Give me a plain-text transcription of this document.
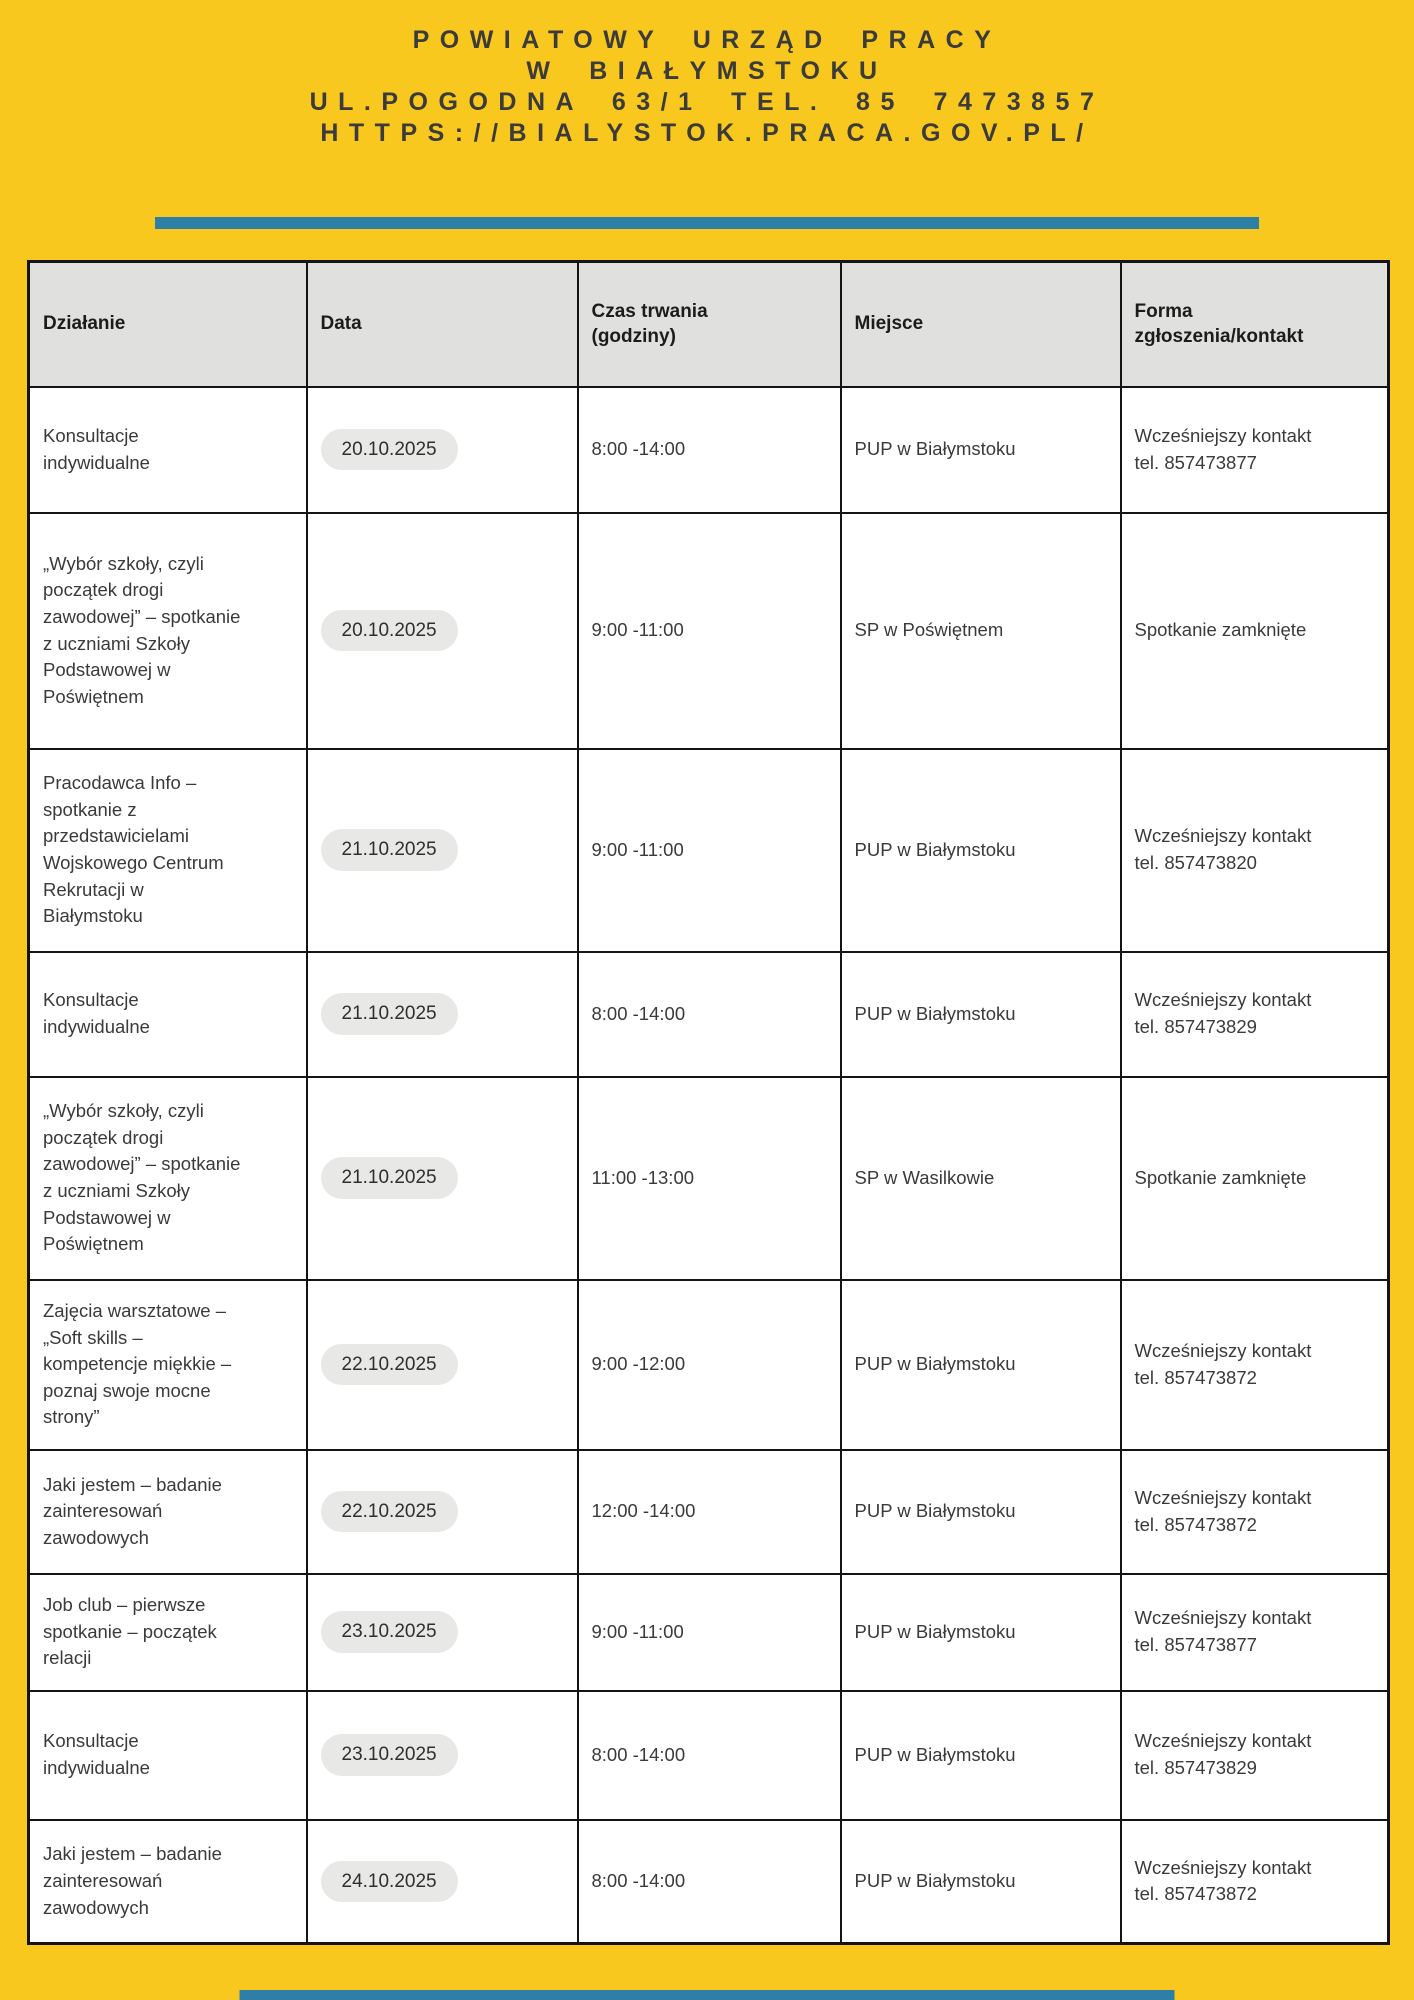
POWIATOWY URZĄD PRACY
W BIAŁYMSTOKU
UL.POGODNA 63/1 TEL. 85 7473857
HTTPS://BIALYSTOK.PRACA.GOV.PL/
Działanie	Data	Czas trwania (godziny)	Miejsce	Forma zgłoszenia/kontakt
Konsultacje indywidualne	20.10.2025	8:00 -14:00	PUP w Białymstoku	Wcześniejszy kontakt tel. 857473877
„Wybór szkoły, czyli początek drogi zawodowej” – spotkanie z uczniami Szkoły Podstawowej w Poświętnem	20.10.2025	9:00 -11:00	SP w Poświętnem	Spotkanie zamknięte
Pracodawca Info – spotkanie z przedstawicielami Wojskowego Centrum Rekrutacji w Białymstoku	21.10.2025	9:00 -11:00	PUP w Białymstoku	Wcześniejszy kontakt tel. 857473820
Konsultacje indywidualne	21.10.2025	8:00 -14:00	PUP w Białymstoku	Wcześniejszy kontakt tel. 857473829
„Wybór szkoły, czyli początek drogi zawodowej” – spotkanie z uczniami Szkoły Podstawowej w Poświętnem	21.10.2025	11:00 -13:00	SP w Wasilkowie	Spotkanie zamknięte
Zajęcia warsztatowe – „Soft skills – kompetencje miękkie – poznaj swoje mocne strony”	22.10.2025	9:00 -12:00	PUP w Białymstoku	Wcześniejszy kontakt tel. 857473872
Jaki jestem – badanie zainteresowań zawodowych	22.10.2025	12:00 -14:00	PUP w Białymstoku	Wcześniejszy kontakt tel. 857473872
Job club – pierwsze spotkanie – początek relacji	23.10.2025	9:00 -11:00	PUP w Białymstoku	Wcześniejszy kontakt tel. 857473877
Konsultacje indywidualne	23.10.2025	8:00 -14:00	PUP w Białymstoku	Wcześniejszy kontakt tel. 857473829
Jaki jestem – badanie zainteresowań zawodowych	24.10.2025	8:00 -14:00	PUP w Białymstoku	Wcześniejszy kontakt tel. 857473872
